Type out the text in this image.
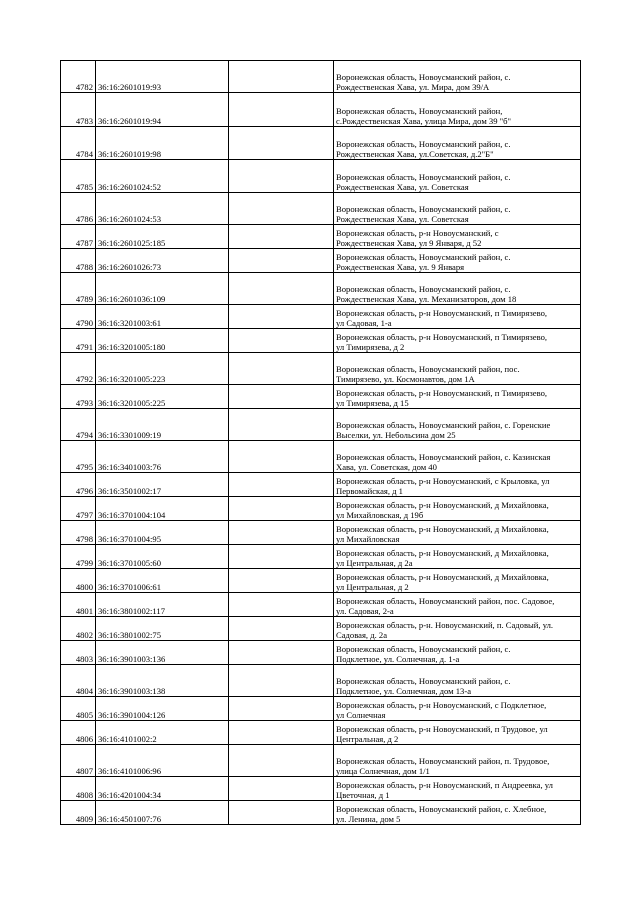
4782	36:16:2601019:93		Воронежская область, Новоусманский район, с.
Рождественская Хава, ул. Мира, дом 39/А

4783	36:16:2601019:94		Воронежская область, Новоусманский район,
с.Рождественская Хава, улица Мира, дом 39 "б"

4784	36:16:2601019:98		Воронежская область, Новоусманский район, с.
Рождественская Хава, ул.Советская, д.2"Б"

4785	36:16:2601024:52		Воронежская область, Новоусманский район, с.
Рождественская Хава, ул. Советская

4786	36:16:2601024:53		Воронежская область, Новоусманский район, с.
Рождественская Хава, ул. Советская

4787	36:16:2601025:185		Воронежская область, р-н Новоусманский, с
Рождественская Хава, ул 9 Января, д 52

4788	36:16:2601026:73		Воронежская область, Новоусманский район, с.
Рождественская Хава, ул. 9 Января

4789	36:16:2601036:109		Воронежская область, Новоусманский район, с.
Рождественская Хава, ул. Механизаторов, дом 18

4790	36:16:3201003:61		Воронежская область, р-н Новоусманский, п Тимирязево,
ул Садовая, 1-а

4791	36:16:3201005:180		Воронежская область, р-н Новоусманский, п Тимирязево,
ул Тимирязева, д 2

4792	36:16:3201005:223		Воронежская область, Новоусманский район, пос.
Тимирязево, ул. Космонавтов, дом 1А

4793	36:16:3201005:225		Воронежская область, р-н Новоусманский, п Тимирязево,
ул Тимирязева, д 15

4794	36:16:3301009:19		Воронежская область, Новоусманский район, с. Горенские
Выселки, ул. Небольсина дом 25

4795	36:16:3401003:76		Воронежская область, Новоусманский район, с. Казинская
Хава, ул. Советская, дом 40

4796	36:16:3501002:17		Воронежская область, р-н Новоусманский, с Крыловка, ул
Первомайская, д 1

4797	36:16:3701004:104		Воронежская область, р-н Новоусманский, д Михайловка,
ул Михайловская, д 19б

4798	36:16:3701004:95		Воронежская область, р-н Новоусманский, д Михайловка,
ул Михайловская

4799	36:16:3701005:60		Воронежская область, р-н Новоусманский, д Михайловка,
ул Центральная, д 2а

4800	36:16:3701006:61		Воронежская область, р-н Новоусманский, д Михайловка,
ул Центральная, д 2

4801	36:16:3801002:117		Воронежская область, Новоусманский район, пос. Садовое,
ул. Садовая, 2-а

4802	36:16:3801002:75		Воронежская область, р-н. Новоусманский, п. Садовый, ул.
Садовая, д. 2а

4803	36:16:3901003:136		Воронежская область, Новоусманский район, с.
Подклетное, ул. Солнечная, д. 1-а

4804	36:16:3901003:138		Воронежская область, Новоусманский район, с.
Подклетное, ул. Солнечная, дом 13-а

4805	36:16:3901004:126		Воронежская область, р-н Новоусманский, с Подклетное,
ул Солнечная

4806	36:16:4101002:2		Воронежская область, р-н Новоусманский, п Трудовое, ул
Центральная, д 2

4807	36:16:4101006:96		Воронежская область, Новоусманский район, п. Трудовое,
улица Солнечная, дом 1/1

4808	36:16:4201004:34		Воронежская область, р-н Новоусманский, п Андреевка, ул
Цветочная, д 1

4809	36:16:4501007:76		Воронежская область, Новоусманский район, с. Хлебное,
ул. Ленина, дом 5
